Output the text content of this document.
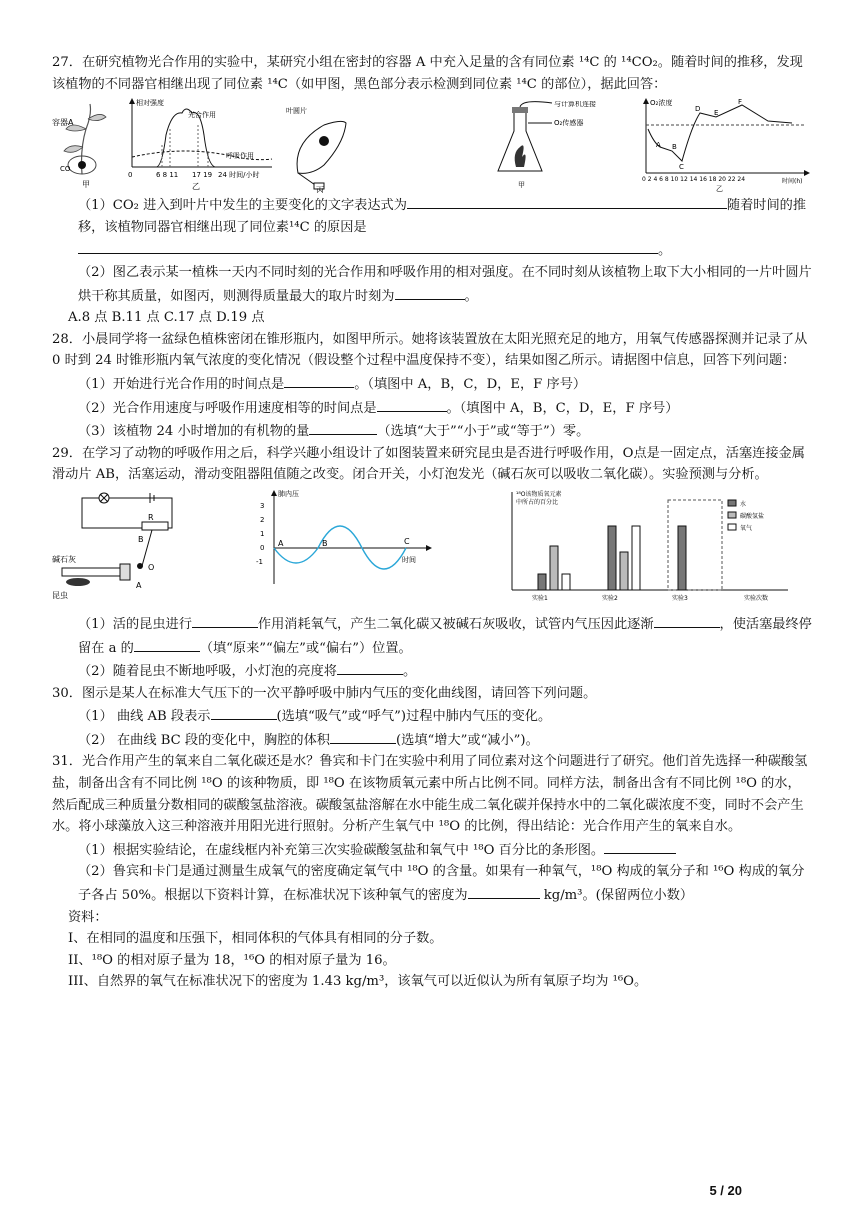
27．在研究植物光合作用的实验中，某研究小组在密封的容器 A 中充入足量的含有同位素 ¹⁴C 的 ¹⁴CO₂。随着时间的推移，发现该植物的不同器官相继出现了同位素 ¹⁴C（如甲图，黑色部分表示检测到同位素 ¹⁴C 的部位），据此回答：

容器A
CO
甲
相对强度
光合作用
呼吸作用
0	6 8 11 17 19 24 时间/小时
乙
叶圆片
丙
与计算机连接
O₂传感器
甲
O₂浓度
A B
C
D E
F
0 2 4 6 8 10 12 14 16 18 20 22 24	时间(h)
乙

（1）CO₂ 进入到叶片中发生的主要变化的文字表达式为	随着时间的推移，该植物同器官相继出现了同位素¹⁴C 的原因是。

（2）图乙表示某一植株一天内不同时刻的光合作用和呼吸作用的相对强度。在不同时刻从该植物上取下大小相同的一片叶圆片烘干称其质量，如图丙，则测得质量最大的取片时刻为	。

A.8 点 B.11 点 C.17 点 D.19 点

28．小晨同学将一盆绿色植株密闭在锥形瓶内，如图甲所示。她将该装置放在太阳光照充足的地方，用氧气传感器探测并记录了从 0 时到 24 时锥形瓶内氧气浓度的变化情况（假设整个过程中温度保持不变），结果如图乙所示。请据图中信息，回答下列问题：

（1）开始进行光合作用的时间点是	。（填图中 A，B，C，D，E，F 序号）

（2）光合作用速度与呼吸作用速度相等的时间点是	。（填图中 A，B，C，D，E，F 序号）

（3）该植物 24 小时增加的有机物的量	（选填“大于”“小于”或“等于”）零。

29．在学习了动物的呼吸作用之后，科学兴趣小组设计了如图装置来研究昆虫是否进行呼吸作用，O点是一固定点，活塞连接金属滑动片 AB，活塞运动，滑动变阻器阻值随之改变。闭合开关，小灯泡发光（碱石灰可以吸收二氧化碳）。实验预测与分析。

R
B
O
A
碱石灰
昆虫
肺内压
3
2
1
0
-1
A	B	C
时间
¹⁸O该物质氧元素
中所占的百分比
实验1	实验2	实验3	实验次数
水
碳酸氢盐
氧气

（1）活的昆虫进行	作用消耗氧气，产生二氧化碳又被碱石灰吸收，试管内气压因此逐渐	，使活塞最终停留在 a 的	（填“原来”“偏左”或“偏右”）位置。

（2）随着昆虫不断地呼吸，小灯泡的亮度将	。

30．图示是某人在标准大气压下的一次平静呼吸中肺内气压的变化曲线图，请回答下列问题。

（1） 曲线 AB 段表示	(选填“吸气”或“呼气”)过程中肺内气压的变化。

（2） 在曲线 BC 段的变化中，胸腔的体积	(选填“增大”或“减小”)。

31．光合作用产生的氧来自二氧化碳还是水？鲁宾和卡门在实验中利用了同位素对这个问题进行了研究。他们首先选择一种碳酸氢盐，制备出含有不同比例 ¹⁸O 的该种物质，即 ¹⁸O 在该物质氧元素中所占比例不同。同样方法，制备出含有不同比例 ¹⁸O 的水，然后配成三种质量分数相同的碳酸氢盐溶液。碳酸氢盐溶解在水中能生成二氧化碳并保持水中的二氧化碳浓度不变，同时不会产生水。将小球藻放入这三种溶液并用阳光进行照射。分析产生氧气中 ¹⁸O 的比例，得出结论：光合作用产生的氧来自水。

（1）根据实验结论，在虚线框内补充第三次实验碳酸氢盐和氧气中 ¹⁸O 百分比的条形图。

（2）鲁宾和卡门是通过测量生成氧气的密度确定氧气中 ¹⁸O 的含量。如果有一种氧气，¹⁸O 构成的氧分子和 ¹⁶O 构成的氧分子各占 50%。根据以下资料计算，在标准状况下该种氧气的密度为	kg/m³。(保留两位小数）

资料：

I、在相同的温度和压强下，相同体积的气体具有相同的分子数。

II、¹⁸O 的相对原子量为 18，¹⁶O 的相对原子量为 16。

III、自然界的氧气在标准状况下的密度为 1.43 kg/m³，该氧气可以近似认为所有氧原子均为 ¹⁶O。

5 / 20
